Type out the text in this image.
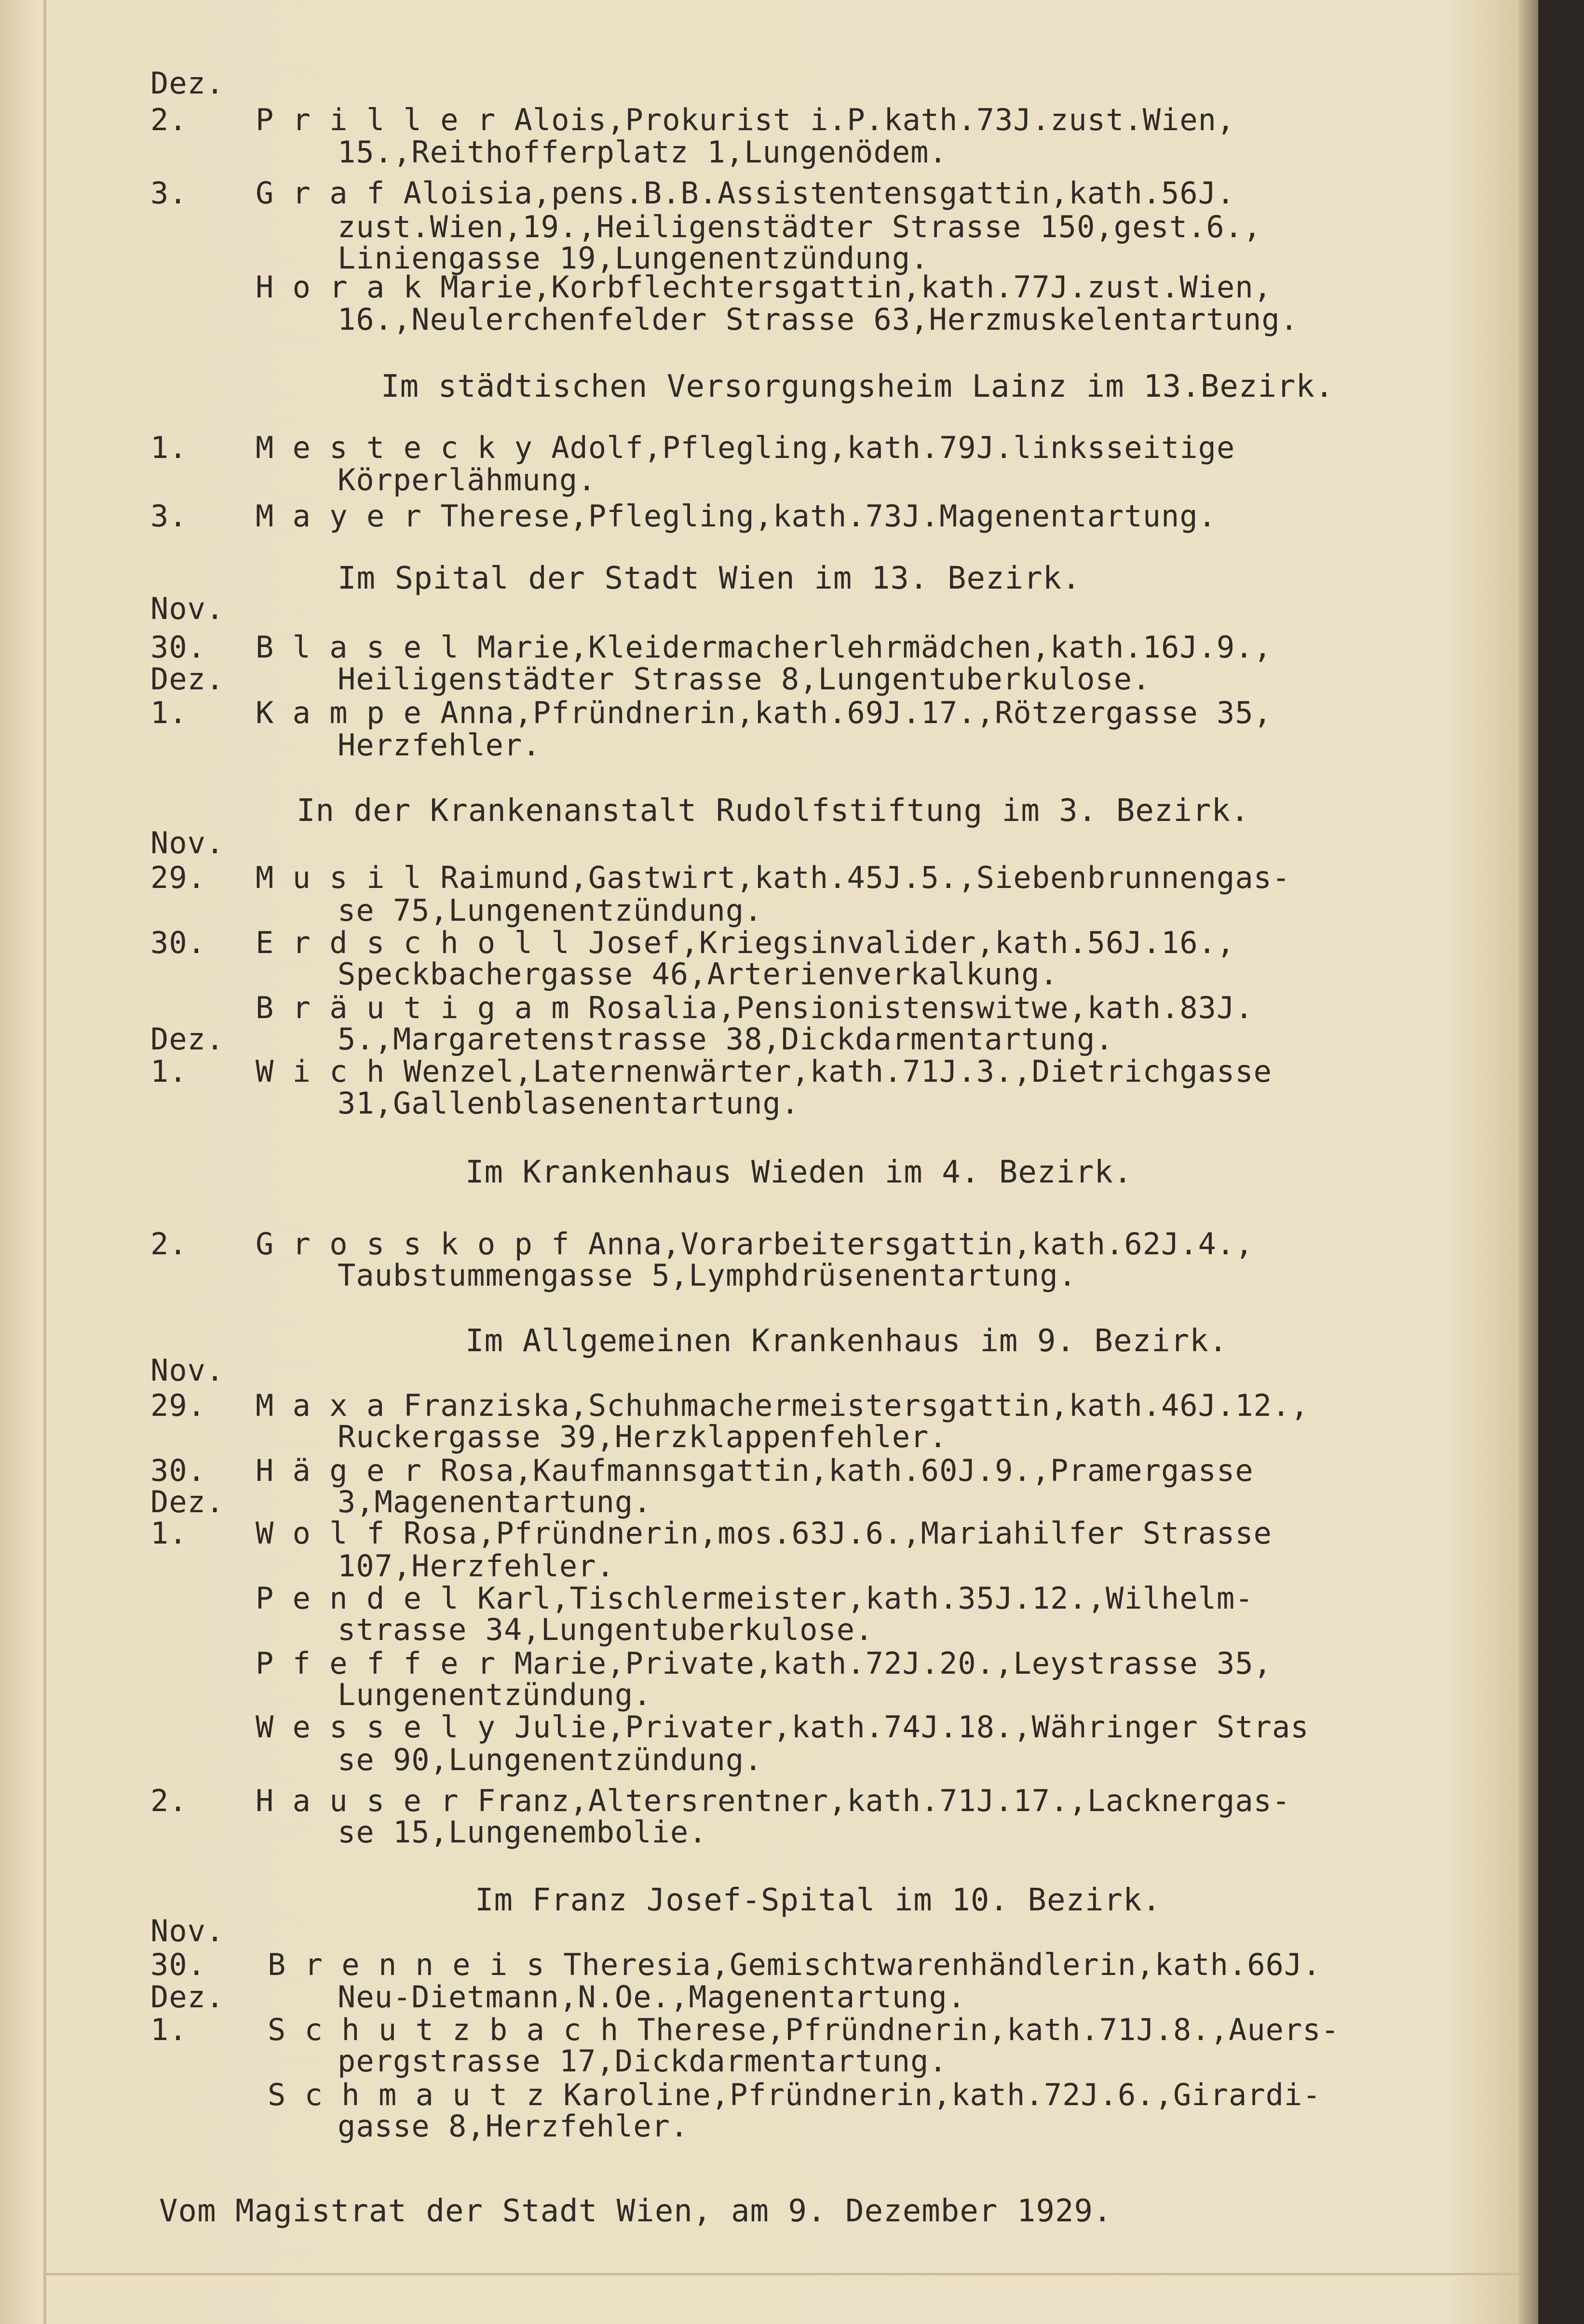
Dez.
2. P r i l l e r Alois,Prokurist i.P.kath.73J.zust.Wien,
15.,Reithofferplatz 1,Lungenödem.
3. G r a f Aloisia,pens.B.B.Assistentensgattin,kath.56J.
zust.Wien,19.,Heiligenstädter Strasse 150,gest.6.,
Liniengasse 19,Lungenentzündung.
H o r a k Marie,Korbflechtersgattin,kath.77J.zust.Wien,
16.,Neulerchenfelder Strasse 63,Herzmuskelentartung.
Im städtischen Versorgungsheim Lainz im 13.Bezirk.
1. M e s t e c k y Adolf,Pflegling,kath.79J.linksseitige
Körperlähmung.
3. M a y e r Therese,Pflegling,kath.73J.Magenentartung.
Im Spital der Stadt Wien im 13. Bezirk.
Nov.
30. B l a s e l Marie,Kleidermacherlehrmädchen,kath.16J.9.,
Dez.	Heiligenstädter Strasse 8,Lungentuberkulose.
1. K a m p e Anna,Pfründnerin,kath.69J.17.,Rötzergasse 35,
Herzfehler.
In der Krankenanstalt Rudolfstiftung im 3. Bezirk.
Nov.
29. M u s i l Raimund,Gastwirt,kath.45J.5.,Siebenbrunnengas-
se 75,Lungenentzündung.
30. E r d s c h o l l Josef,Kriegsinvalider,kath.56J.16.,
Speckbachergasse 46,Arterienverkalkung.
B r ä u t i g a m Rosalia,Pensionistenswitwe,kath.83J.
Dez.	5.,Margaretenstrasse 38,Dickdarmentartung.
1. W i c h Wenzel,Laternenwärter,kath.71J.3.,Dietrichgasse
31,Gallenblasenentartung.
Im Krankenhaus Wieden im 4. Bezirk.
2. G r o s s k o p f Anna,Vorarbeitersgattin,kath.62J.4.,
Taubstummengasse 5,Lymphdrüsenentartung.
Im Allgemeinen Krankenhaus im 9. Bezirk.
Nov.
29. M a x a Franziska,Schuhmachermeistersgattin,kath.46J.12.,
Ruckergasse 39,Herzklappenfehler.
30. H ä g e r Rosa,Kaufmannsgattin,kath.60J.9.,Pramergasse
Dez.	3,Magenentartung.
1. W o l f Rosa,Pfründnerin,mos.63J.6.,Mariahilfer Strasse
107,Herzfehler.
P e n d e l Karl,Tischlermeister,kath.35J.12.,Wilhelm-
strasse 34,Lungentuberkulose.
P f e f f e r Marie,Private,kath.72J.20.,Leystrasse 35,
Lungenentzündung.
W e s s e l y Julie,Privater,kath.74J.18.,Währinger Stras
se 90,Lungenentzündung.
2. H a u s e r Franz,Altersrentner,kath.71J.17.,Lacknergas-
se 15,Lungenembolie.
Im Franz Josef-Spital im 10. Bezirk.
Nov.
30. B r e n n e i s Theresia,Gemischtwarenhändlerin,kath.66J.
Dez.	Neu-Dietmann,N.Oe.,Magenentartung.
1.	S c h u t z b a c h Therese,Pfründnerin,kath.71J.8.,Auers-
pergstrasse 17,Dickdarmentartung.
S c h m a u t z Karoline,Pfründnerin,kath.72J.6.,Girardi-
gasse 8,Herzfehler.
Vom Magistrat der Stadt Wien, am 9. Dezember 1929.
